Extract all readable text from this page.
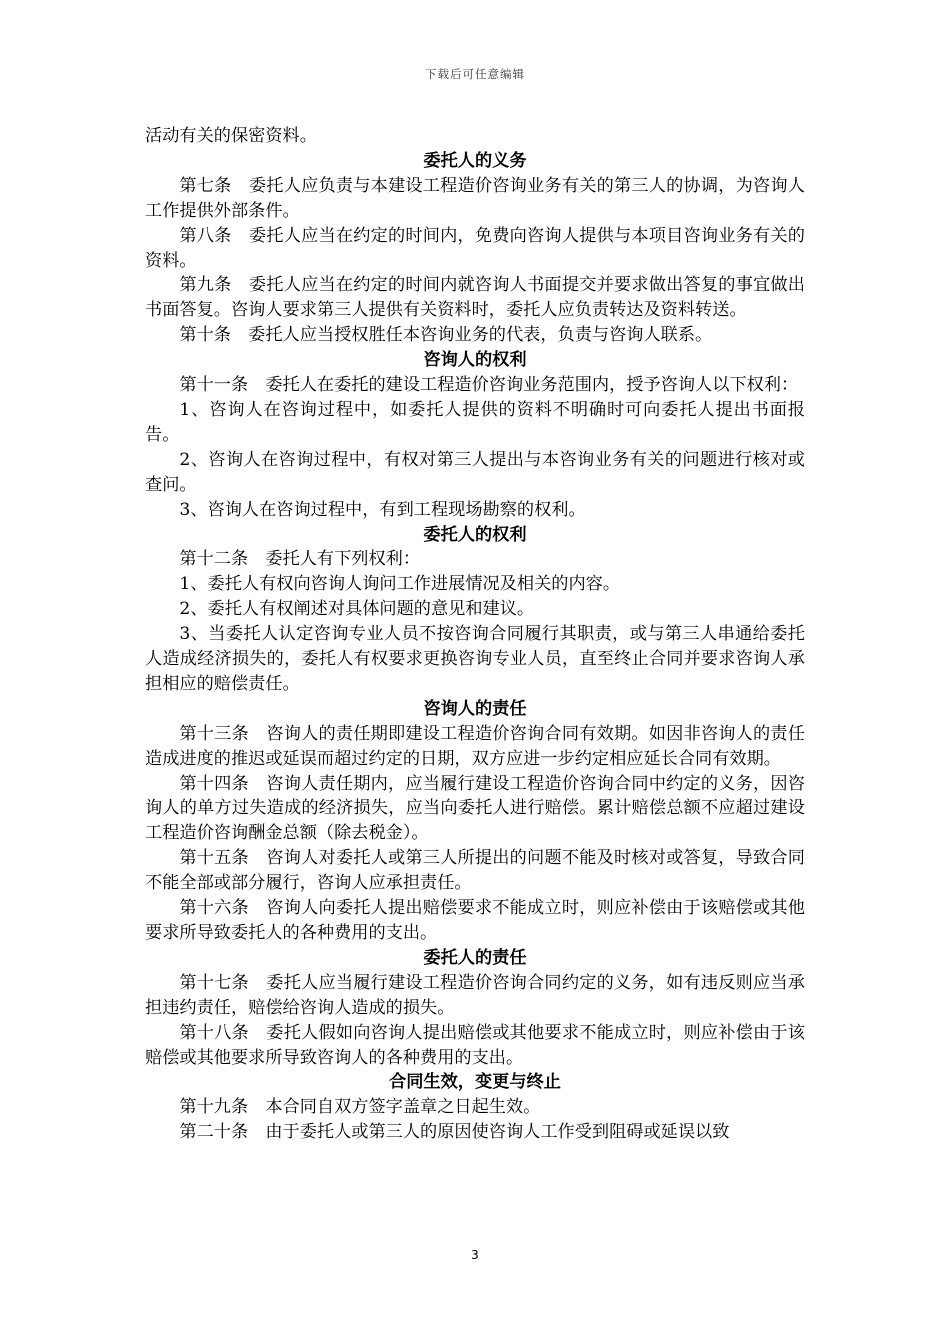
下载后可任意编辑
活动有关的保密资料。
委托人的义务
第七条　委托人应负责与本建设工程造价咨询业务有关的第三人的协调，为咨询人工作提供外部条件。
第八条　委托人应当在约定的时间内，免费向咨询人提供与本项目咨询业务有关的资料。
第九条　委托人应当在约定的时间内就咨询人书面提交并要求做出答复的事宜做出书面答复。咨询人要求第三人提供有关资料时，委托人应负责转达及资料转送。
第十条　委托人应当授权胜任本咨询业务的代表，负责与咨询人联系。
咨询人的权利
第十一条　委托人在委托的建设工程造价咨询业务范围内，授予咨询人以下权利：
1、咨询人在咨询过程中，如委托人提供的资料不明确时可向委托人提出书面报告。
2、咨询人在咨询过程中，有权对第三人提出与本咨询业务有关的问题进行核对或查问。
3、咨询人在咨询过程中，有到工程现场勘察的权利。
委托人的权利
第十二条　委托人有下列权利：
1、委托人有权向咨询人询问工作进展情况及相关的内容。
2、委托人有权阐述对具体问题的意见和建议。
3、当委托人认定咨询专业人员不按咨询合同履行其职责，或与第三人串通给委托人造成经济损失的，委托人有权要求更换咨询专业人员，直至终止合同并要求咨询人承担相应的赔偿责任。
咨询人的责任
第十三条　咨询人的责任期即建设工程造价咨询合同有效期。如因非咨询人的责任造成进度的推迟或延误而超过约定的日期，双方应进一步约定相应延长合同有效期。
第十四条　咨询人责任期内，应当履行建设工程造价咨询合同中约定的义务，因咨询人的单方过失造成的经济损失，应当向委托人进行赔偿。累计赔偿总额不应超过建设工程造价咨询酬金总额（除去税金）。
第十五条　咨询人对委托人或第三人所提出的问题不能及时核对或答复，导致合同不能全部或部分履行，咨询人应承担责任。
第十六条　咨询人向委托人提出赔偿要求不能成立时，则应补偿由于该赔偿或其他要求所导致委托人的各种费用的支出。
委托人的责任
第十七条　委托人应当履行建设工程造价咨询合同约定的义务，如有违反则应当承担违约责任，赔偿给咨询人造成的损失。
第十八条　委托人假如向咨询人提出赔偿或其他要求不能成立时，则应补偿由于该赔偿或其他要求所导致咨询人的各种费用的支出。
合同生效，变更与终止
第十九条　本合同自双方签字盖章之日起生效。
第二十条　由于委托人或第三人的原因使咨询人工作受到阻碍或延误以致
3
